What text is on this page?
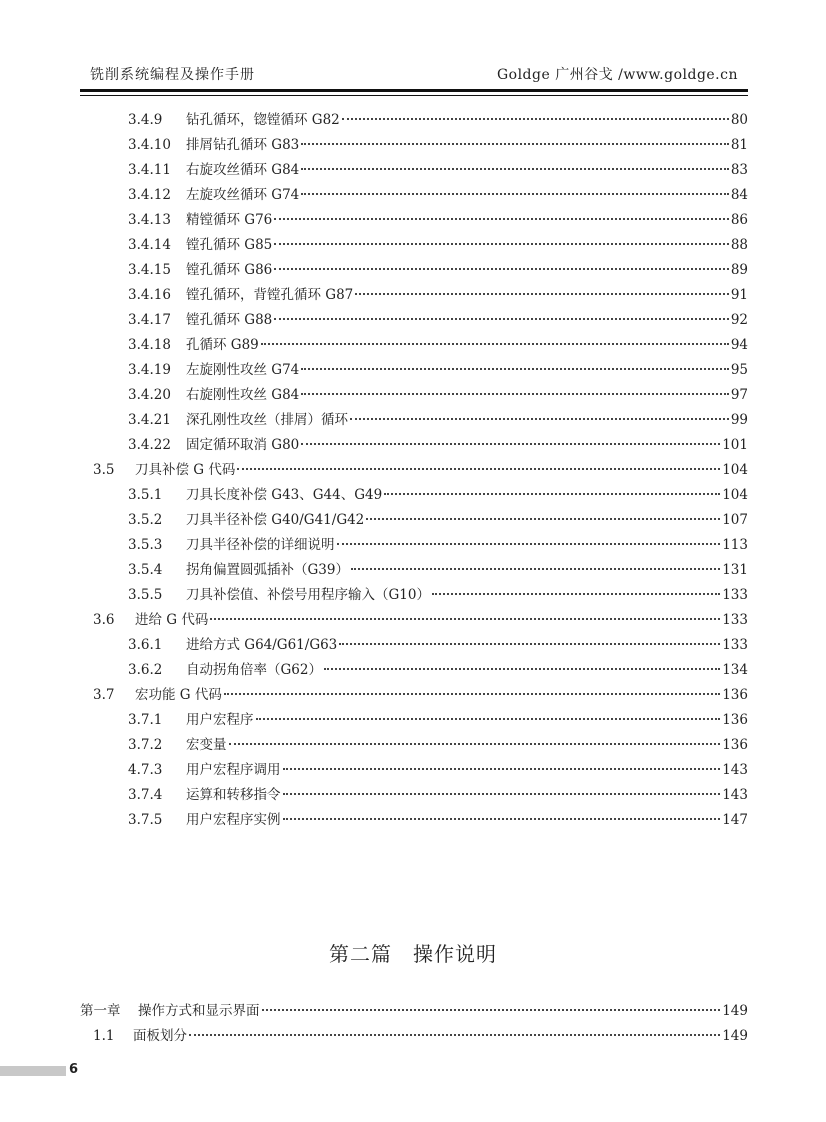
铣削系统编程及操作手册	Goldge 广州谷戈 /www.goldge.cn
3.4.9	钻孔循环，锪镗循环 G82	80
3.4.10	排屑钻孔循环 G83	81
3.4.11	右旋攻丝循环 G84	83
3.4.12	左旋攻丝循环 G74	84
3.4.13	精镗循环 G76	86
3.4.14	镗孔循环 G85	88
3.4.15	镗孔循环 G86	89
3.4.16	镗孔循环，背镗孔循环 G87	91
3.4.17	镗孔循环 G88	92
3.4.18	孔循环 G89	94
3.4.19	左旋刚性攻丝 G74	95
3.4.20	右旋刚性攻丝 G84	97
3.4.21	深孔刚性攻丝（排屑）循环	99
3.4.22	固定循环取消 G80	101
3.5	刀具补偿 G 代码	104
3.5.1	刀具长度补偿 G43、G44、G49	104
3.5.2	刀具半径补偿 G40/G41/G42	107
3.5.3	刀具半径补偿的详细说明	113
3.5.4	拐角偏置圆弧插补（G39）	131
3.5.5	刀具补偿值、补偿号用程序输入（G10）	133
3.6	进给 G 代码	133
3.6.1	进给方式 G64/G61/G63	133
3.6.2	自动拐角倍率（G62）	134
3.7	宏功能 G 代码	136
3.7.1	用户宏程序	136
3.7.2	宏变量	136
4.7.3	用户宏程序调用	143
3.7.4	运算和转移指令	143
3.7.5	用户宏程序实例	147
第二篇　操作说明
第一章	操作方式和显示界面	149
1.1	面板划分	149
6
